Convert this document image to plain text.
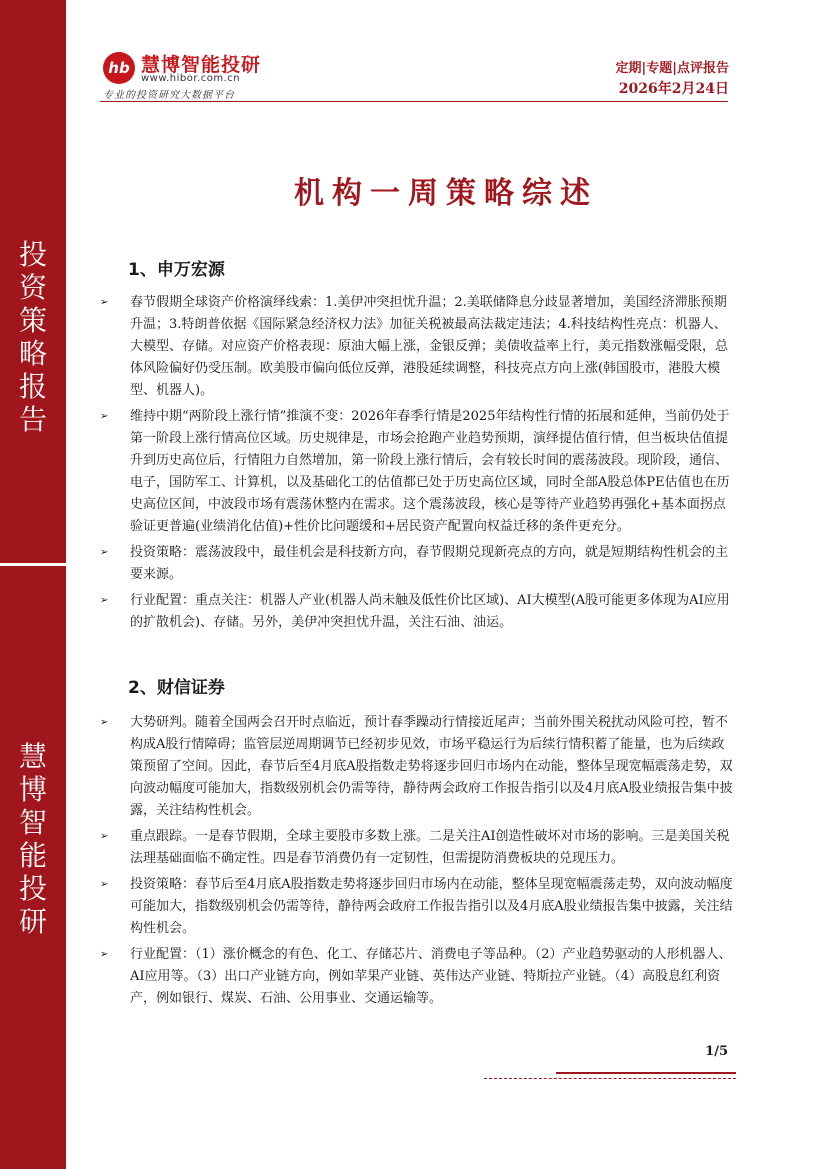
投资策略报告
慧博智能投研
hb 慧博智能投研
www.hibor.com.cn
专业的投资研究大数据平台
定期|专题|点评报告
2026年2月24日
机构一周策略综述
1、申万宏源
➢ 春节假期全球资产价格演绎线索：1.美伊冲突担忧升温；2.美联储降息分歧显著增加，美国经济滞胀预期升温；3.特朗普依据《国际紧急经济权力法》加征关税被最高法裁定违法；4.科技结构性亮点：机器人、大模型、存储。对应资产价格表现：原油大幅上涨，金银反弹；美债收益率上行，美元指数涨幅受限，总体风险偏好仍受压制。欧美股市偏向低位反弹，港股延续调整，科技亮点方向上涨(韩国股市，港股大模型、机器人)。
➢ 维持中期“两阶段上涨行情”推演不变：2026年春季行情是2025年结构性行情的拓展和延伸，当前仍处于第一阶段上涨行情高位区域。历史规律是，市场会抢跑产业趋势预期，演绎提估值行情，但当板块估值提升到历史高位后，行情阻力自然增加，第一阶段上涨行情后，会有较长时间的震荡波段。现阶段，通信、电子，国防军工、计算机，以及基础化工的估值都已处于历史高位区域，同时全部A股总体PE估值也在历史高位区间，中波段市场有震荡休整内在需求。这个震荡波段，核心是等待产业趋势再强化+基本面拐点验证更普遍(业绩消化估值)+性价比问题缓和+居民资产配置向权益迁移的条件更充分。
➢ 投资策略：震荡波段中，最佳机会是科技新方向，春节假期兑现新亮点的方向，就是短期结构性机会的主要来源。
➢ 行业配置：重点关注：机器人产业(机器人尚未触及低性价比区域)、AI大模型(A股可能更多体现为AI应用的扩散机会)、存储。另外，美伊冲突担忧升温，关注石油、油运。
2、财信证券
➢ 大势研判。随着全国两会召开时点临近，预计春季躁动行情接近尾声；当前外围关税扰动风险可控，暂不构成A股行情障碍；监管层逆周期调节已经初步见效，市场平稳运行为后续行情积蓄了能量，也为后续政策预留了空间。因此，春节后至4月底A股指数走势将逐步回归市场内在动能，整体呈现宽幅震荡走势，双向波动幅度可能加大，指数级别机会仍需等待，静待两会政府工作报告指引以及4月底A股业绩报告集中披露，关注结构性机会。
➢ 重点跟踪。一是春节假期，全球主要股市多数上涨。二是关注AI创造性破坏对市场的影响。三是美国关税法理基础面临不确定性。四是春节消费仍有一定韧性，但需提防消费板块的兑现压力。
➢ 投资策略：春节后至4月底A股指数走势将逐步回归市场内在动能，整体呈现宽幅震荡走势，双向波动幅度可能加大，指数级别机会仍需等待，静待两会政府工作报告指引以及4月底A股业绩报告集中披露，关注结构性机会。
➢ 行业配置：（1）涨价概念的有色、化工、存储芯片、消费电子等品种。（2）产业趋势驱动的人形机器人、AI应用等。（3）出口产业链方向，例如苹果产业链、英伟达产业链、特斯拉产业链。（4）高股息红利资产，例如银行、煤炭、石油、公用事业、交通运输等。
1/5
